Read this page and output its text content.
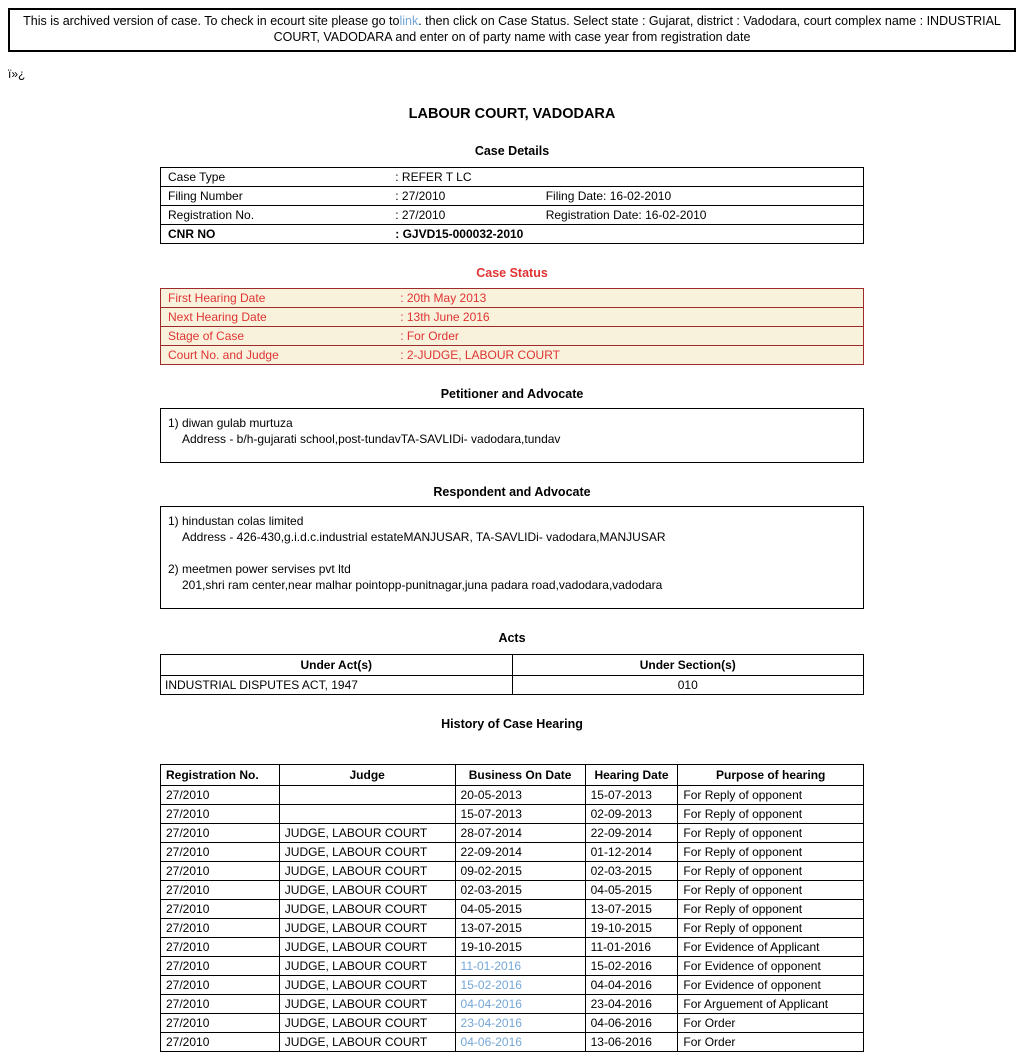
This is archived version of case. To check in ecourt site please go tolink. then click on Case Status. Select state : Gujarat, district : Vadodara, court complex name : INDUSTRIAL COURT, VADODARA and enter on of party name with case year from registration date
ï»¿
LABOUR COURT, VADODARA
Case Details
Case Type	: REFER T LC	
Filing Number	: 27/2010	Filing Date: 16-02-2010
Registration No.	: 27/2010	Registration Date: 16-02-2010
CNR NO	: GJVD15-000032-2010	
Case Status
First Hearing Date	: 20th May 2013
Next Hearing Date	: 13th June 2016
Stage of Case	: For Order
Court No. and Judge	: 2-JUDGE, LABOUR COURT
Petitioner and Advocate
1) diwan gulab murtuza
Address - b/h-gujarati school,post-tundavTA-SAVLIDi- vadodara,tundav
Respondent and Advocate
1) hindustan colas limited
Address - 426-430,g.i.d.c.industrial estateMANJUSAR, TA-SAVLIDi- vadodara,MANJUSAR
2) meetmen power servises pvt ltd
201,shri ram center,near malhar pointopp-punitnagar,juna padara road,vadodara,vadodara
Acts
Under Act(s)	Under Section(s)
INDUSTRIAL DISPUTES ACT, 1947	010
History of Case Hearing
Registration No.	Judge	Business On Date	Hearing Date	Purpose of hearing
27/2010		20-05-2013	15-07-2013	For Reply of opponent
27/2010		15-07-2013	02-09-2013	For Reply of opponent
27/2010	JUDGE, LABOUR COURT	28-07-2014	22-09-2014	For Reply of opponent
27/2010	JUDGE, LABOUR COURT	22-09-2014	01-12-2014	For Reply of opponent
27/2010	JUDGE, LABOUR COURT	09-02-2015	02-03-2015	For Reply of opponent
27/2010	JUDGE, LABOUR COURT	02-03-2015	04-05-2015	For Reply of opponent
27/2010	JUDGE, LABOUR COURT	04-05-2015	13-07-2015	For Reply of opponent
27/2010	JUDGE, LABOUR COURT	13-07-2015	19-10-2015	For Reply of opponent
27/2010	JUDGE, LABOUR COURT	19-10-2015	11-01-2016	For Evidence of Applicant
27/2010	JUDGE, LABOUR COURT	11-01-2016	15-02-2016	For Evidence of opponent
27/2010	JUDGE, LABOUR COURT	15-02-2016	04-04-2016	For Evidence of opponent
27/2010	JUDGE, LABOUR COURT	04-04-2016	23-04-2016	For Arguement of Applicant
27/2010	JUDGE, LABOUR COURT	23-04-2016	04-06-2016	For Order
27/2010	JUDGE, LABOUR COURT	04-06-2016	13-06-2016	For Order
